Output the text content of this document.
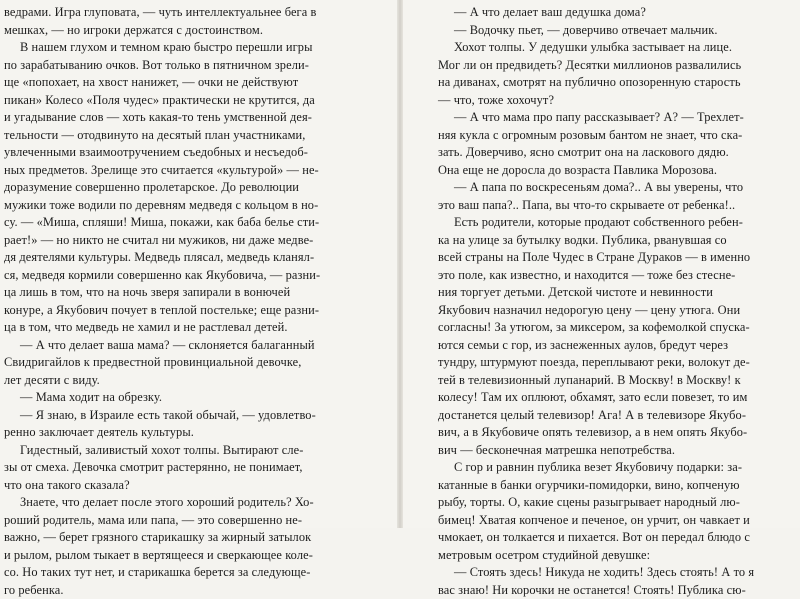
ведрами. Игра глуповата, — чуть интеллектуальнее бега в
мешках, — но игроки держатся с достоинством.
В нашем глухом и темном краю быстро перешли игры
по зарабатыванию очков. Вот только в пятничном зрели-
ще «попохает, на хвост нанижет, — очки не действуют
пикан» Колесо «Поля чудес» практически не крутится, да
и угадывание слов — хоть какая-то тень умственной дея-
тельности — отодвинуто на десятый план участниками,
увлеченными взаимоотручением съедобных и несъедоб-
ных предметов. Зрелище это считается «культурой» — не-
доразумение совершенно пролетарское. До революции
мужики тоже водили по деревням медведя с кольцом в но-
су. — «Миша, спляши! Миша, покажи, как баба белье сти-
рает!» — но никто не считал ни мужиков, ни даже медве-
дя деятелями культуры. Медведь плясал, медведь кланял-
ся, медведя кормили совершенно как Якубовича, — разни-
ца лишь в том, что на ночь зверя запирали в вонючей
конуре, а Якубович почует в теплой постельке; еще разни-
ца в том, что медведь не хамил и не растлевал детей.
— А что делает ваша мама? — склоняется балаганный
Свидригайлов к предвестной провинциальной девочке,
лет десяти с виду.
— Мама ходит на обрезку.
— Я знаю, в Израиле есть такой обычай, — удовлетво-
ренно заключает деятель культуры.
Гидестный, заливистый хохот толпы. Вытирают сле-
зы от смеха. Девочка смотрит растерянно, не понимает,
что она такого сказала?
Знаете, что делает после этого хороший родитель? Хо-
роший родитель, мама или папа, — это совершенно не-
важно, — берет грязного старикашку за жирный затылок
и рылом, рылом тыкает в вертящееся и сверкающее коле-
со. Но таких тут нет, и старикашка берется за следующе-
го ребенка.
— А что делает ваш дедушка дома?
— Водочку пьет, — доверчиво отвечает мальчик.
Хохот толпы. У дедушки улыбка застывает на лице.
Мог ли он предвидеть? Десятки миллионов развалились
на диванах, смотрят на публично опозоренную старость
— что, тоже хохочут?
— А что мама про папу рассказывает? А? — Трехлет-
няя кукла с огромным розовым бантом не знает, что ска-
зать. Доверчиво, ясно смотрит она на ласкового дядю.
Она еще не доросла до возраста Павлика Морозова.
— А папа по воскресеньям дома?.. А вы уверены, что
это ваш папа?.. Папа, вы что-то скрываете от ребенка!..
Есть родители, которые продают собственного ребен-
ка на улице за бутылку водки. Публика, рванувшая со
всей страны на Поле Чудес в Стране Дураков — в именно
это поле, как известно, и находится — тоже без стесне-
ния торгует детьми. Детской чистоте и невинности
Якубович назначил недорогую цену — цену утюга. Они
согласны! За утюгом, за миксером, за кофемолкой спуска-
ются семьи с гор, из заснеженных аулов, бредут через
тундру, штурмуют поезда, переплывают реки, волокут де-
тей в телевизионный лупанарий. В Москву! в Москву! к
колесу! Там их оплюют, обхамят, зато если повезет, то им
достанется целый телевизор! Ага! А в телевизоре Якубо-
вич, а в Якубовиче опять телевизор, а в нем опять Якубо-
вич — бесконечная матрешка непотребства.
С гор и равнин публика везет Якубовичу подарки: за-
катанные в банки огурчики-помидорки, вино, копченую
рыбу, торты. О, какие сцены разыгрывает народный лю-
бимец! Хватая копченое и печеное, он урчит, он чавкает и
чмокает, он толкается и пихается. Вот он передал блюдо с
метровым осетром студийной девушке:
— Стоять здесь! Никуда не ходить! Здесь стоять! А то я
вас знаю! Ни корочки не останется! Стоять! Публика сю-
